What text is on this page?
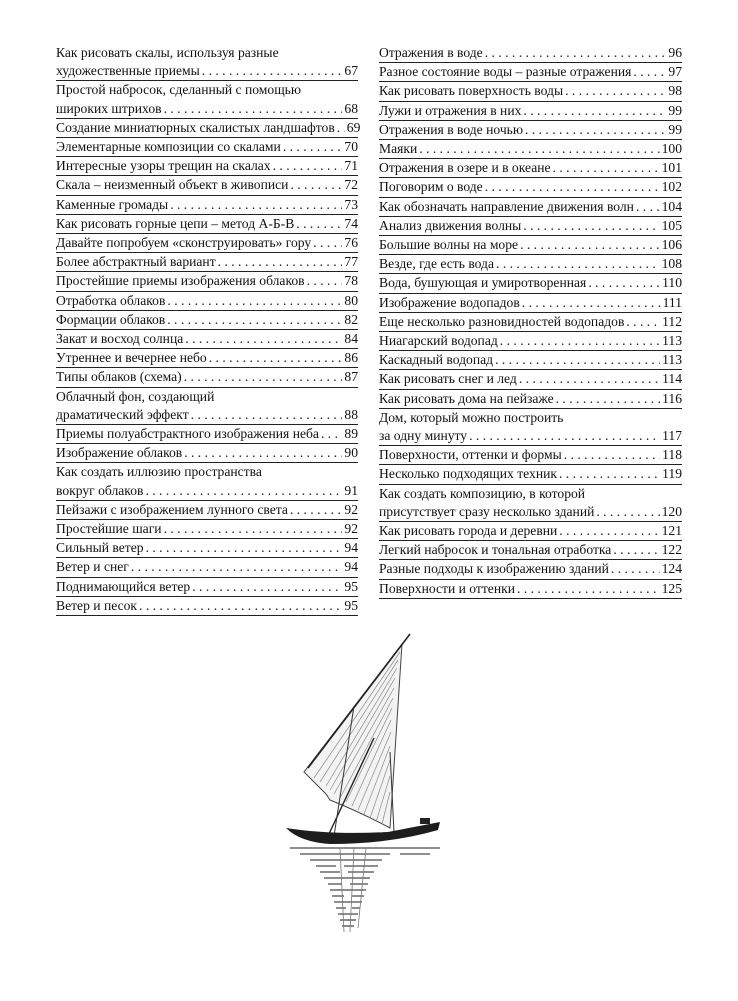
Как рисовать скалы, используя разные
художественные приемы . . .	67
Простой набросок, сделанный с помощью
широких штрихов . . .	68
Создание миниатюрных скалистых ландшафтов . . . 69
Элементарные композиции со скалами . . .	70
Интересные узоры трещин на скалах . . .	71
Скала – неизменный объект в живописи . . .	72
Каменные громады . . .	73
Как рисовать горные цепи – метод А-Б-В . . .	74
Давайте попробуем «сконструировать» гору . . . 76
Более абстрактный вариант . . .	77
Простейшие приемы изображения облаков . . .	78
Отработка облаков . . .	80
Формации облаков . . .	82
Закат и восход солнца . . .	84
Утреннее и вечернее небо . . .	86
Типы облаков (схема) . . .	87
Облачный фон, создающий
драматический эффект . . .	88
Приемы полуабстрактного изображения неба . . . 89
Изображение облаков . . .	90
Как создать иллюзию пространства
вокруг облаков . . .	91
Пейзажи с изображением лунного света . . .	92
Простейшие шаги . . .	92
Сильный ветер . . .	94
Ветер и снег . . .	94
Поднимающийся ветер . . .	95
Ветер и песок . . .	95
Отражения в воде . . .	96
Разное состояние воды – разные отражения . . .	97
Как рисовать поверхность воды . . .	98
Лужи и отражения в них . . .	99
Отражения в воде ночью . . .	99
Маяки . . .	100
Отражения в озере и в океане . . .	101
Поговорим о воде . . .	102
Как обозначать направление движения волн . . . 104
Анализ движения волны . . .	105
Большие волны на море . . .	106
Везде, где есть вода . . .	108
Вода, бушующая и умиротворенная . . .	110
Изображение водопадов . . .	111
Еще несколько разновидностей водопадов . . .	112
Ниагарский водопад . . .	113
Каскадный водопад . . .	113
Как рисовать снег и лед . . .	114
Как рисовать дома на пейзаже . . .	116
Дом, который можно построить
за одну минуту . . .	117
Поверхности, оттенки и формы . . .	118
Несколько подходящих техник . . .	119
Как создать композицию, в которой
присутствует сразу несколько зданий . . .	120
Как рисовать города и деревни . . .	121
Легкий набросок и тональная отработка . . .	122
Разные подходы к изображению зданий . . .	124
Поверхности и оттенки . . .	125
